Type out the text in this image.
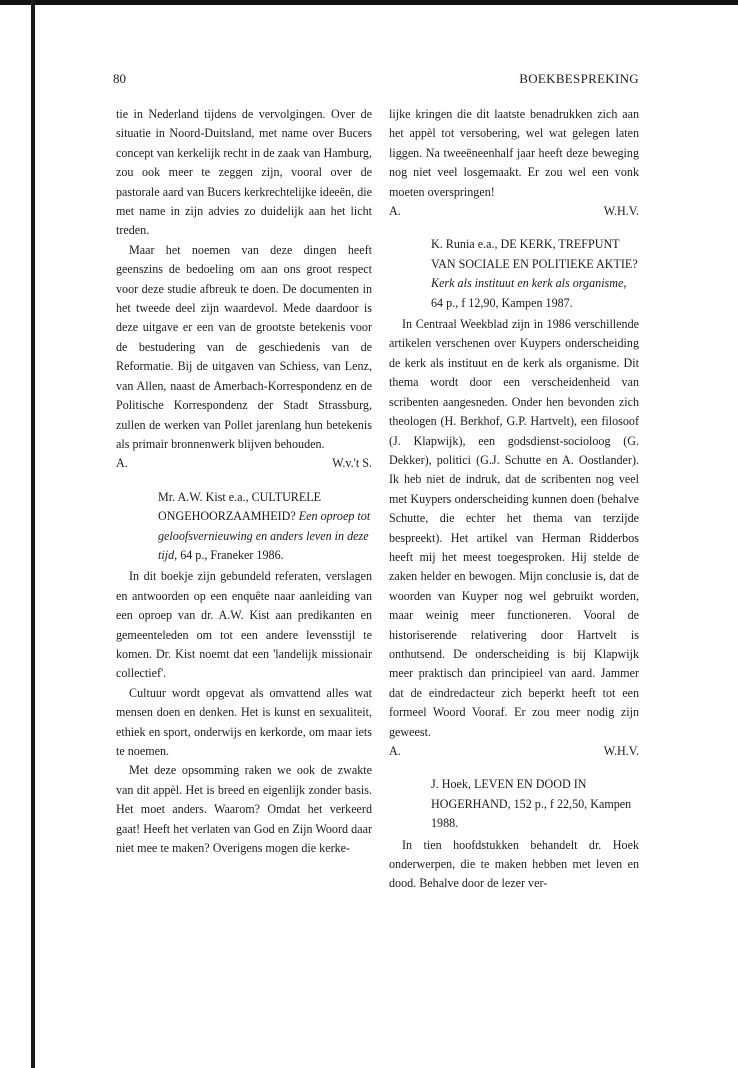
80	BOEKBESPREKING

tie in Nederland tijdens de vervolgingen. Over de situatie in Noord-Duitsland, met name over Bucers concept van kerkelijk recht in de zaak van Hamburg, zou ook meer te zeggen zijn, vooral over de pastorale aard van Bucers kerkrechtelijke ideeën, die met name in zijn advies zo duidelijk aan het licht treden.

Maar het noemen van deze dingen heeft geenszins de bedoeling om aan ons groot respect voor deze studie afbreuk te doen. De documenten in het tweede deel zijn waardevol. Mede daardoor is deze uitgave er een van de grootste betekenis voor de bestudering van de geschiedenis van de Reformatie. Bij de uitgaven van Schiess, van Lenz, van Allen, naast de Amerbach-Korrespondenz en de Politische Korrespondenz der Stadt Strassburg, zullen de werken van Pollet jarenlang hun betekenis als primair bronnenwerk blijven behouden.

A.	W.v.'t S.
Mr. A.W. Kist e.a., CULTURELE ONGEHOORZAAMHEID? Een oproep tot geloofsvernieuwing en anders leven in deze tijd, 64 p., Franeker 1986.

In dit boekje zijn gebundeld referaten, verslagen en antwoorden op een enquête naar aanleiding van een oproep van dr. A.W. Kist aan predikanten en gemeenteleden om tot een andere levensstijl te komen. Dr. Kist noemt dat een 'landelijk missionair collectief'.

Cultuur wordt opgevat als omvattend alles wat mensen doen en denken. Het is kunst en sexualiteit, ethiek en sport, onderwijs en kerkorde, om maar iets te noemen.

Met deze opsomming raken we ook de zwakte van dit appèl. Het is breed en eigenlijk zonder basis. Het moet anders. Waarom? Omdat het verkeerd gaat! Heeft het verlaten van God en Zijn Woord daar niet mee te maken? Overigens mogen die kerke-

lijke kringen die dit laatste benadrukken zich aan het appèl tot versobering, wel wat gelegen laten liggen. Na tweeëneenhalf jaar heeft deze beweging nog niet veel losgemaakt. Er zou wel een vonk moeten overspringen!

A.	W.H.V.
K. Runia e.a., DE KERK, TREFPUNT VAN SOCIALE EN POLITIEKE AKTIE? Kerk als instituut en kerk als organisme, 64 p., f 12,90, Kampen 1987.

In Centraal Weekblad zijn in 1986 verschillende artikelen verschenen over Kuypers onderscheiding de kerk als instituut en de kerk als organisme. Dit thema wordt door een verscheidenheid van scribenten aangesneden. Onder hen bevonden zich theologen (H. Berkhof, G.P. Hartvelt), een filosoof (J. Klapwijk), een godsdienst-socioloog (G. Dekker), politici (G.J. Schutte en A. Oostlander). Ik heb niet de indruk, dat de scribenten nog veel met Kuypers onderscheiding kunnen doen (behalve Schutte, die echter het thema van terzijde bespreekt). Het artikel van Herman Ridderbos heeft mij het meest toegesproken. Hij stelde de zaken helder en bewogen. Mijn conclusie is, dat de woorden van Kuyper nog wel gebruikt worden, maar weinig meer functioneren. Vooral de historiserende relativering door Hartvelt is onthutsend. De onderscheiding is bij Klapwijk meer praktisch dan principieel van aard. Jammer dat de eindredacteur zich beperkt heeft tot een formeel Woord Vooraf. Er zou meer nodig zijn geweest.

A.	W.H.V.
J. Hoek, LEVEN EN DOOD IN HOGERHAND, 152 p., f 22,50, Kampen 1988.

In tien hoofdstukken behandelt dr. Hoek onderwerpen, die te maken hebben met leven en dood. Behalve door de lezer ver-
